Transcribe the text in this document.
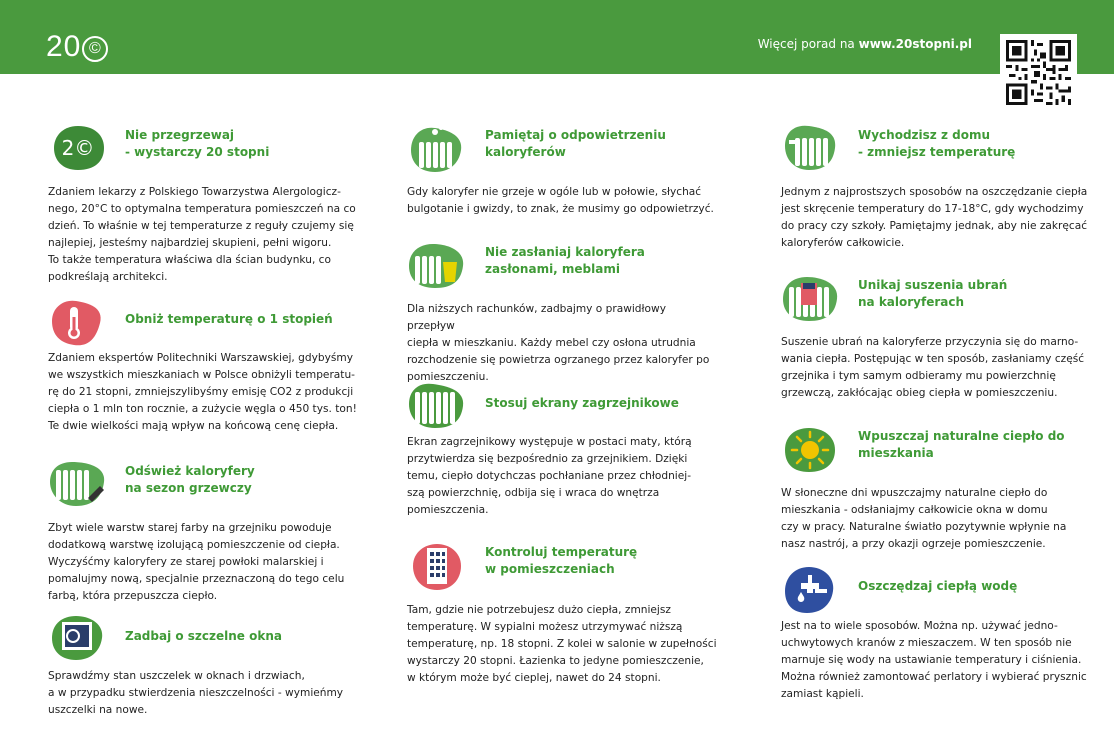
20 ©	Więcej porad na www.20stopni.pl
2©
Nie przegrzewaj
- wystarczy 20 stopni
Zdaniem lekarzy z Polskiego Towarzystwa Alergologicz-
nego, 20°C to optymalna temperatura pomieszczeń na co
dzień. To właśnie w tej temperaturze z reguły czujemy się
najlepiej, jesteśmy najbardziej skupieni, pełni wigoru.
To także temperatura właściwa dla ścian budynku, co
podkreślają architekci.
Obniż temperaturę o 1 stopień
Zdaniem ekspertów Politechniki Warszawskiej, gdybyśmy
we wszystkich mieszkaniach w Polsce obniżyli temperatu-
rę do 21 stopni, zmniejszylibyśmy emisję CO2 z produkcji
ciepła o 1 mln ton rocznie, a zużycie węgla o 450 tys. ton!
Te dwie wielkości mają wpływ na końcową cenę ciepła.
Odśwież kaloryfery
na sezon grzewczy
Zbyt wiele warstw starej farby na grzejniku powoduje
dodatkową warstwę izolującą pomieszczenie od ciepła.
Wyczyśćmy kaloryfery ze starej powłoki malarskiej i
pomalujmy nową, specjalnie przeznaczoną do tego celu
farbą, która przepuszcza ciepło.
Zadbaj o szczelne okna
Sprawdźmy stan uszczelek w oknach i drzwiach,
a w przypadku stwierdzenia nieszczelności - wymieńmy
uszczelki na nowe.
Pamiętaj o odpowietrzeniu
kaloryferów
Gdy kaloryfer nie grzeje w ogóle lub w połowie, słychać
bulgotanie i gwizdy, to znak, że musimy go odpowietrzyć.
Nie zasłaniaj kaloryfera
zasłonami, meblami
Dla niższych rachunków, zadbajmy o prawidłowy przepływ
ciepła w mieszkaniu. Każdy mebel czy osłona utrudnia
rozchodzenie się powietrza ogrzanego przez kaloryfer po
pomieszczeniu.
Stosuj ekrany zagrzejnikowe
Ekran zagrzejnikowy występuje w postaci maty, którą
przytwierdza się bezpośrednio za grzejnikiem. Dzięki
temu, ciepło dotychczas pochłaniane przez chłodniej-
szą powierzchnię, odbija się i wraca do wnętrza
pomieszczenia.
Kontroluj temperaturę
w pomieszczeniach
Tam, gdzie nie potrzebujesz dużo ciepła, zmniejsz
temperaturę. W sypialni możesz utrzymywać niższą
temperaturę, np. 18 stopni. Z kolei w salonie w zupełności
wystarczy 20 stopni. Łazienka to jedyne pomieszczenie,
w którym może być cieplej, nawet do 24 stopni.
Wychodzisz z domu
- zmniejsz temperaturę
Jednym z najprostszych sposobów na oszczędzanie ciepła
jest skręcenie temperatury do 17-18°C, gdy wychodzimy
do pracy czy szkoły. Pamiętajmy jednak, aby nie zakręcać
kaloryferów całkowicie.
Unikaj suszenia ubrań
na kaloryferach
Suszenie ubrań na kaloryferze przyczynia się do marno-
wania ciepła. Postępując w ten sposób, zasłaniamy część
grzejnika i tym samym odbieramy mu powierzchnię
grzewczą, zakłócając obieg ciepła w pomieszczeniu.
Wpuszczaj naturalne ciepło do
mieszkania
W słoneczne dni wpuszczajmy naturalne ciepło do
mieszkania - odsłaniajmy całkowicie okna w domu
czy w pracy. Naturalne światło pozytywnie wpłynie na
nasz nastrój, a przy okazji ogrzeje pomieszczenie.
Oszczędzaj ciepłą wodę
Jest na to wiele sposobów. Można np. używać jedno-
uchwytowych kranów z mieszaczem. W ten sposób nie
marnuje się wody na ustawianie temperatury i ciśnienia.
Można również zamontować perlatory i wybierać prysznic
zamiast kąpieli.
